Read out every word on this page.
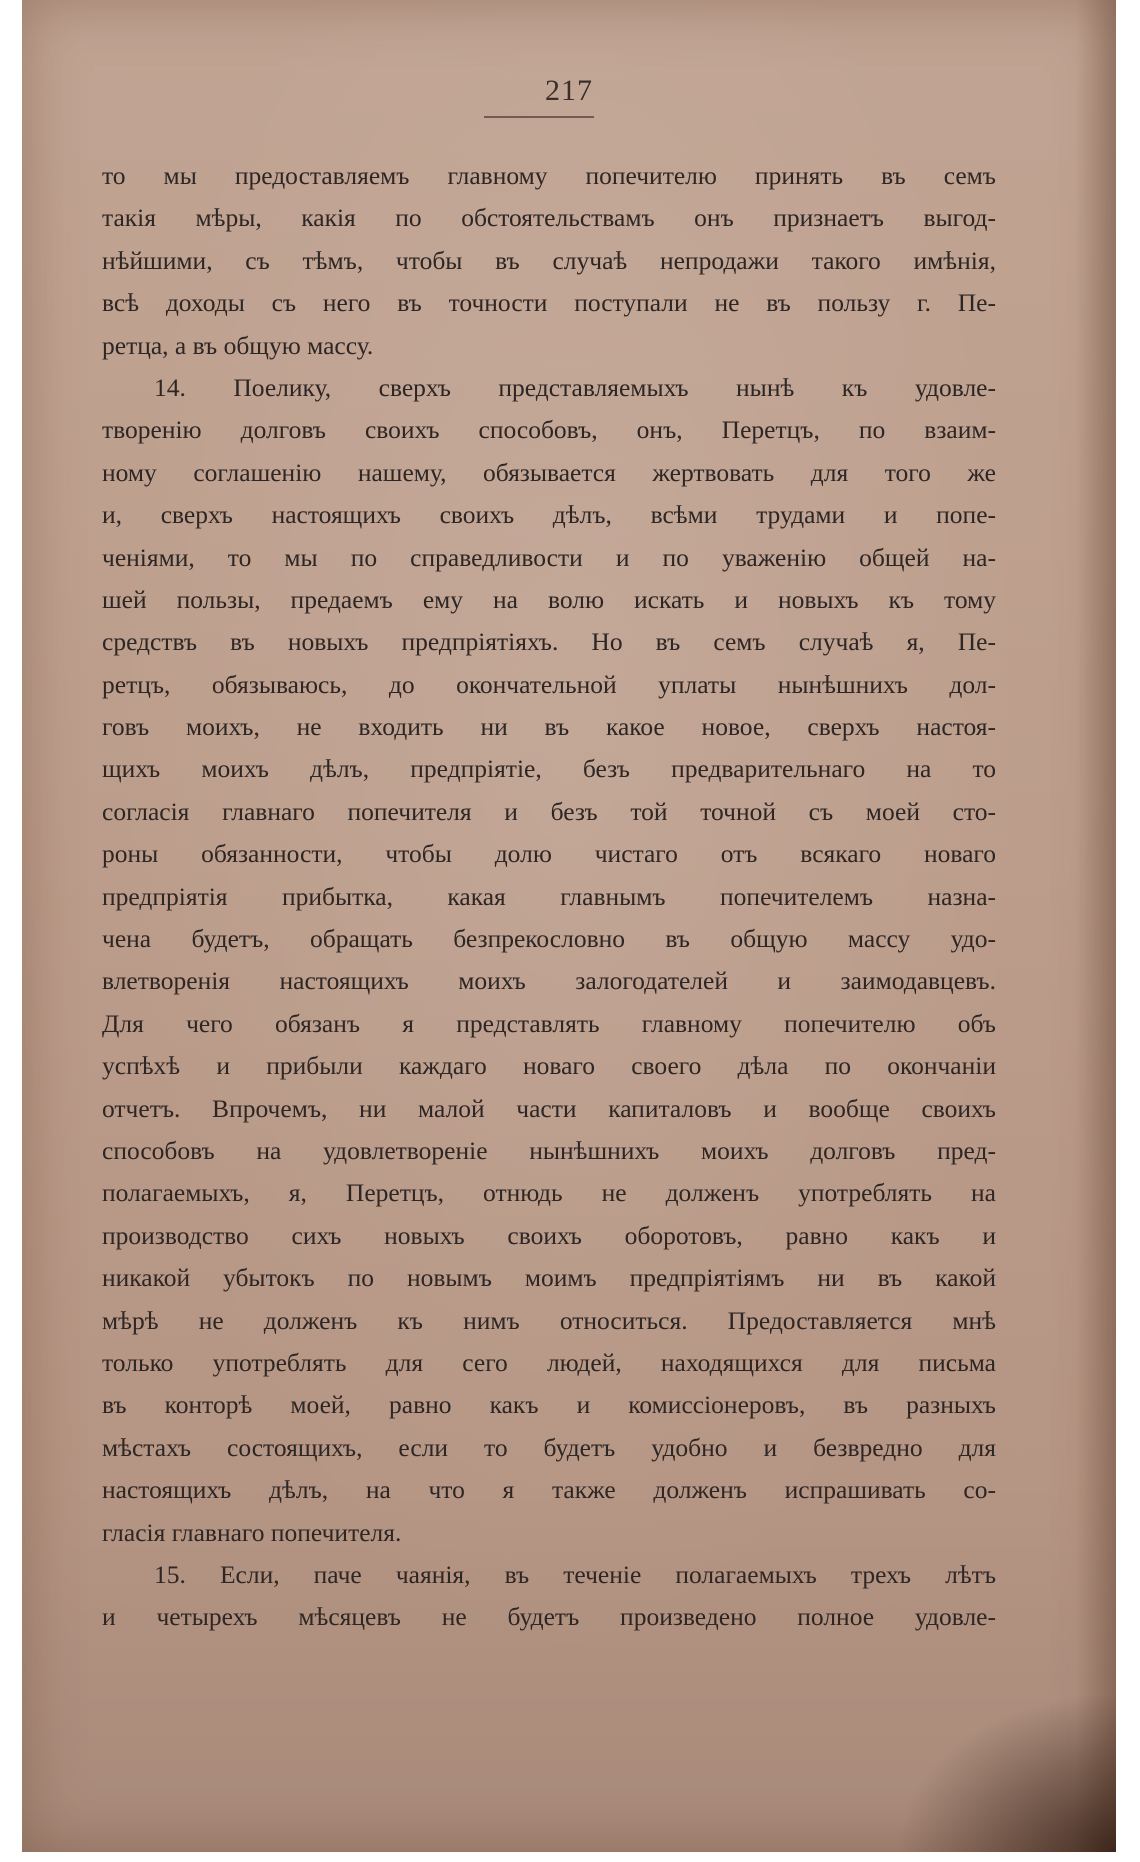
217
то мы предоставляемъ главному попечителю принять въ семъ
такія мѣры, какія по обстоятельствамъ онъ признаетъ выгод-
нѣйшими, съ тѣмъ, чтобы въ случаѣ непродажи такого имѣнія,
всѣ доходы съ него въ точности поступали не въ пользу г. Пе-
ретца, а въ общую массу.
14. Поелику, сверхъ представляемыхъ нынѣ къ удовле-
творенію долговъ своихъ способовъ, онъ, Перетцъ, по взаим-
ному соглашенію нашему, обязывается жертвовать для того же
и, сверхъ настоящихъ своихъ дѣлъ, всѣми трудами и попе-
ченіями, то мы по справедливости и по уваженію общей на-
шей пользы, предаемъ ему на волю искать и новыхъ къ тому
средствъ въ новыхъ предпріятіяхъ. Но въ семъ случаѣ я, Пе-
ретцъ, обязываюсь, до окончательной уплаты нынѣшнихъ дол-
говъ моихъ, не входить ни въ какое новое, сверхъ настоя-
щихъ моихъ дѣлъ, предпріятіе, безъ предварительнаго на то
согласія главнаго попечителя и безъ той точной съ моей сто-
роны обязанности, чтобы долю чистаго отъ всякаго новаго
предпріятія прибытка, какая главнымъ попечителемъ назна-
чена будетъ, обращать безпрекословно въ общую массу удо-
влетворенія настоящихъ моихъ залогодателей и заимодавцевъ.
Для чего обязанъ я представлять главному попечителю объ
успѣхѣ и прибыли каждаго новаго своего дѣла по окончаніи
отчетъ. Впрочемъ, ни малой части капиталовъ и вообще своихъ
способовъ на удовлетвореніе нынѣшнихъ моихъ долговъ пред-
полагаемыхъ, я, Перетцъ, отнюдь не долженъ употреблять на
производство сихъ новыхъ своихъ оборотовъ, равно какъ и
никакой убытокъ по новымъ моимъ предпріятіямъ ни въ какой
мѣрѣ не долженъ къ нимъ относиться. Предоставляется мнѣ
только употреблять для сего людей, находящихся для письма
въ конторѣ моей, равно какъ и комиссіонеровъ, въ разныхъ
мѣстахъ состоящихъ, если то будетъ удобно и безвредно для
настоящихъ дѣлъ, на что я также долженъ испрашивать со-
гласія главнаго попечителя.
15. Если, паче чаянія, въ теченіе полагаемыхъ трехъ лѣтъ
и четырехъ мѣсяцевъ не будетъ произведено полное удовле-
